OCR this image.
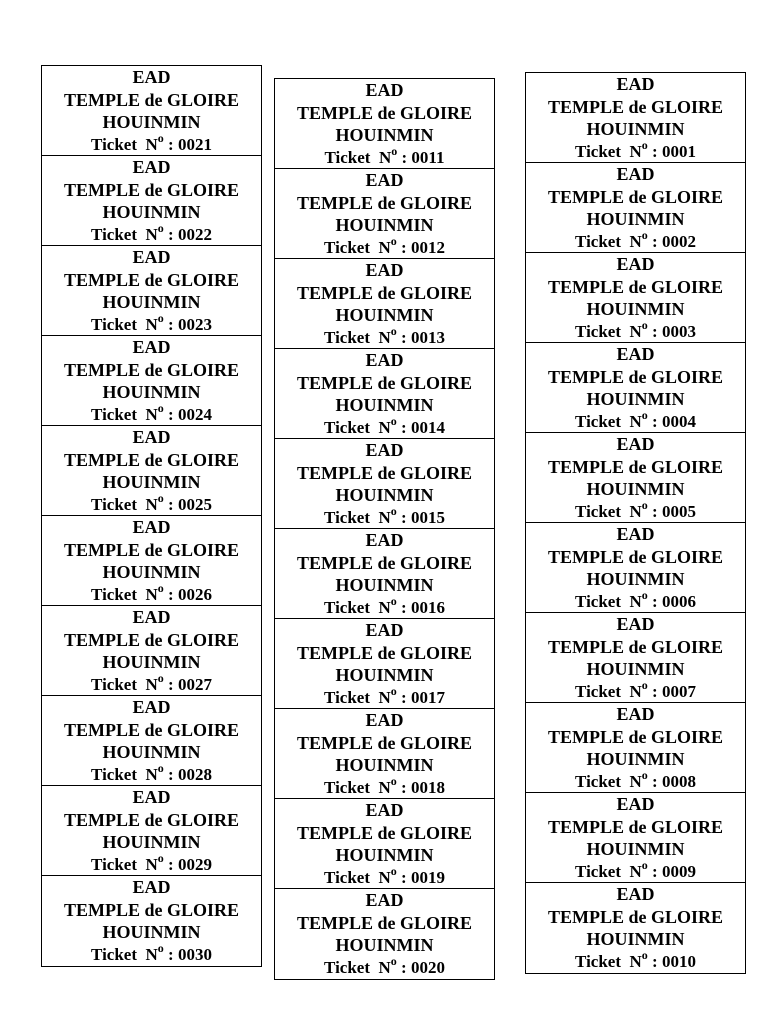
EAD
TEMPLE de GLOIRE
HOUINMIN
Ticket $N^o$ : 0021
EAD
TEMPLE de GLOIRE
HOUINMIN
Ticket $N^o$ : 0022
EAD
TEMPLE de GLOIRE
HOUINMIN
Ticket $N^o$ : 0023
EAD
TEMPLE de GLOIRE
HOUINMIN
Ticket $N^o$ : 0024
EAD
TEMPLE de GLOIRE
HOUINMIN
Ticket $N^o$ : 0025
EAD
TEMPLE de GLOIRE
HOUINMIN
Ticket $N^o$ : 0026
EAD
TEMPLE de GLOIRE
HOUINMIN
Ticket $N^o$ : 0027
EAD
TEMPLE de GLOIRE
HOUINMIN
Ticket $N^o$ : 0028
EAD
TEMPLE de GLOIRE
HOUINMIN
Ticket $N^o$ : 0029
EAD
TEMPLE de GLOIRE
HOUINMIN
Ticket $N^o$ : 0030
EAD
TEMPLE de GLOIRE
HOUINMIN
Ticket $N^o$ : 0011
EAD
TEMPLE de GLOIRE
HOUINMIN
Ticket $N^o$ : 0012
EAD
TEMPLE de GLOIRE
HOUINMIN
Ticket $N^o$ : 0013
EAD
TEMPLE de GLOIRE
HOUINMIN
Ticket $N^o$ : 0014
EAD
TEMPLE de GLOIRE
HOUINMIN
Ticket $N^o$ : 0015
EAD
TEMPLE de GLOIRE
HOUINMIN
Ticket $N^o$ : 0016
EAD
TEMPLE de GLOIRE
HOUINMIN
Ticket $N^o$ : 0017
EAD
TEMPLE de GLOIRE
HOUINMIN
Ticket $N^o$ : 0018
EAD
TEMPLE de GLOIRE
HOUINMIN
Ticket $N^o$ : 0019
EAD
TEMPLE de GLOIRE
HOUINMIN
Ticket $N^o$ : 0020
EAD
TEMPLE de GLOIRE
HOUINMIN
Ticket $N^o$ : 0001
EAD
TEMPLE de GLOIRE
HOUINMIN
Ticket $N^o$ : 0002
EAD
TEMPLE de GLOIRE
HOUINMIN
Ticket $N^o$ : 0003
EAD
TEMPLE de GLOIRE
HOUINMIN
Ticket $N^o$ : 0004
EAD
TEMPLE de GLOIRE
HOUINMIN
Ticket $N^o$ : 0005
EAD
TEMPLE de GLOIRE
HOUINMIN
Ticket $N^o$ : 0006
EAD
TEMPLE de GLOIRE
HOUINMIN
Ticket $N^o$ : 0007
EAD
TEMPLE de GLOIRE
HOUINMIN
Ticket $N^o$ : 0008
EAD
TEMPLE de GLOIRE
HOUINMIN
Ticket $N^o$ : 0009
EAD
TEMPLE de GLOIRE
HOUINMIN
Ticket $N^o$ : 0010
